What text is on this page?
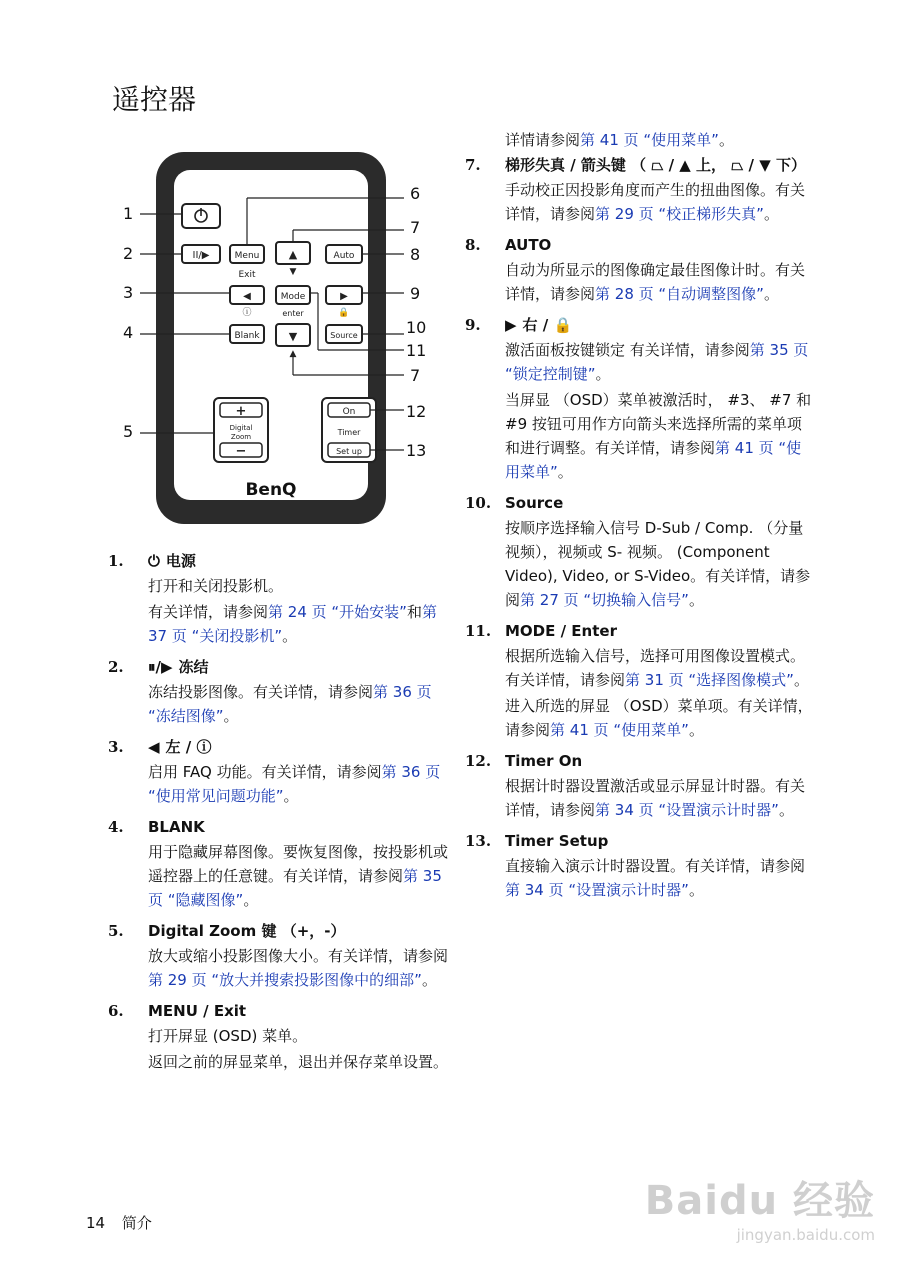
遥控器
II/▶	Menu
Exit
▲
▼
Auto
◀
ⓘ
Mode
enter
▶
🔒
Blank	▼
▲
Source
+
Digital
Zoom
−
On
Timer
Set up
BenQ
1
2
3
4
5
6
7
8
9
10
11
7
12
13
1.	⏻ 电源

打开和关闭投影机。

有关详情，请参阅第 24 页 “开始安装”和第 37 页 “关闭投影机”。

2.	⏸/▶ 冻结

冻结投影图像。有关详情，请参阅第 36 页 “冻结图像”。

3.	◀ 左 / ⓘ

启用 FAQ 功能。有关详情，请参阅第 36 页 “使用常见问题功能”。

4.	BLANK

用于隐藏屏幕图像。要恢复图像，按投影机或遥控器上的任意键。有关详情，请参阅第 35 页 “隐藏图像”。

5.	Digital Zoom 键 （+，-）

放大或缩小投影图像大小。有关详情，请参阅第 29 页 “放大并搜索投影图像中的细部”。

6.	MENU / Exit

打开屏显 (OSD) 菜单。

返回之前的屏显菜单，退出并保存菜单设置。

详情请参阅第 41 页 “使用菜单”。
7.	梯形失真 / 箭头键 （ ⏢ / ▲ 上， ⏢ / ▼ 下）

手动校正因投影角度而产生的扭曲图像。有关详情，请参阅第 29 页 “校正梯形失真”。

8.	AUTO

自动为所显示的图像确定最佳图像计时。有关详情，请参阅第 28 页 “自动调整图像”。

9.	▶ 右 / 🔒

激活面板按键锁定 有关详情，请参阅第 35 页 “锁定控制键”。

当屏显 （OSD）菜单被激活时， #3、 #7 和 #9 按钮可用作方向箭头来选择所需的菜单项和进行调整。有关详情，请参阅第 41 页 “使用菜单”。

10. Source

按顺序选择输入信号 D-Sub / Comp. （分量视频），视频或 S- 视频。 (Component Video), Video, or S-Video。有关详情，请参阅第 27 页 “切换输入信号”。

11. MODE / Enter

根据所选输入信号，选择可用图像设置模式。有关详情，请参阅第 31 页 “选择图像模式”。

进入所选的屏显 （OSD）菜单项。有关详情，请参阅第 41 页 “使用菜单”。

12. Timer On

根据计时器设置激活或显示屏显计时器。有关详情，请参阅第 34 页 “设置演示计时器”。

13. Timer Setup

直接输入演示计时器设置。有关详情，请参阅第 34 页 “设置演示计时器”。

14 简介	Baidu 经验
jingyan.baidu.com
